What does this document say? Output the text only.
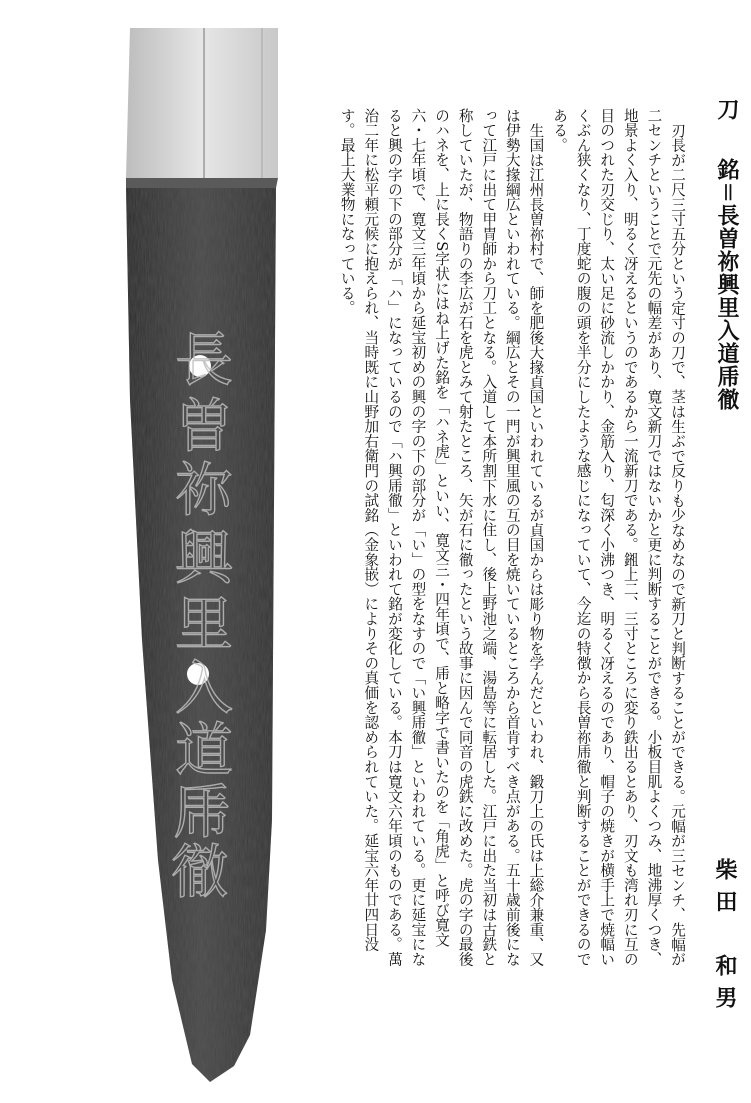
長
曽
祢
興
里
入
道
乕
徹
刀
銘＝長曽祢興里入道乕徹

刃長が二尺三寸五分という定寸の刀で、茎は生ぶで反りも少なめなので新刀と判断することができる。元幅が三センチ、先幅が二センチということで元先の幅差があり、寛文新刀ではないかと更に判断することができる。小板目肌よくつみ、地沸厚くつき、地景よく入り、明るく冴えるというのであるから一流新刀である。鎺上二、三寸ところに変り鉄出るとあり、刃文も湾れ刃に互の目のつれた刃交じり、太い足に砂流しかかり、金筋入り、匂深く小沸つき、明るく冴えるのであり、帽子の焼きが横手上で焼幅いくぶん狭くなり、丁度蛇の腹の頭を半分にしたような感じになっていて、今迄の特徴から長曽祢乕徹と判断することができるのである。

生国は江州長曽祢村で、師を肥後大掾貞国といわれているが貞国からは彫り物を学んだといわれ、鍛刀上の氏は上総介兼重、又は伊勢大掾綱広といわれている。綱広とその一門が興里風の互の目を焼いているところから首肯すべき点がある。五十歳前後になって江戸に出て甲冑師から刀工となる。入道して本所割下水に住し、後上野池之端、湯島等に転居した。江戸に出た当初は古鉄と称していたが、物語りの李広が石を虎とみて射たところ、矢が石に徹ったという故事に因んで同音の虎鉄に改めた。虎の字の最後のハネを、上に長くS字状にはね上げた銘を「ハネ虎」といい、寛文三・四年頃で、乕と略字で書いたのを「角虎」と呼び寛文六・七年頃で、寛文三年頃から延宝初めの興の字の下の部分が「い」の型をなすので「い興乕徹」といわれている。更に延宝になると興の字の下の部分が「ハ」になっているので「ハ興乕徹」といわれて銘が変化している。本刀は寛文六年頃のものである。萬治二年に松平頼元候に抱えられ、当時既に山野加右衛門の試銘（金象嵌）によりその真価を認められていた。延宝六年廿四日没す。最上大業物になっている。

柴田　和男
